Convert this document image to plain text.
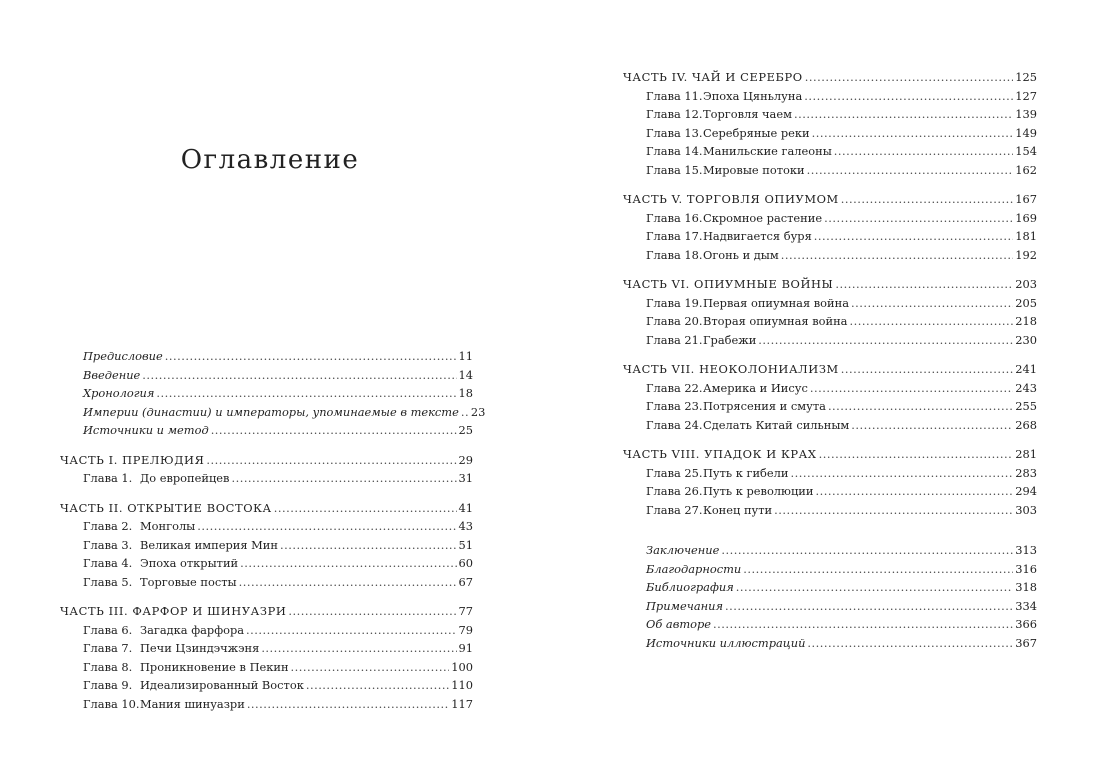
Оглавление
Предисловие .....	11
Введение .....	14
Хронология .....	18
Империи (династии) и императоры, упоминаемые в тексте ..... 23
Источники и метод .....	25
ЧАСТЬ I. ПРЕЛЮДИЯ .....	29
Глава 1. До европейцев .....	31
ЧАСТЬ II. ОТКРЫТИЕ ВОСТОКА .....	41
Глава 2. Монголы .....	43
Глава 3. Великая империя Мин .....	51
Глава 4. Эпоха открытий .....	60
Глава 5. Торговые посты .....	67
ЧАСТЬ III. ФАРФОР И ШИНУАЗРИ .....	77
Глава 6. Загадка фарфора .....	79
Глава 7. Печи Цзиндэчжэня .....	91
Глава 8. Проникновение в Пекин .....	100
Глава 9. Идеализированный Восток .....	110
Глава 10. Мания шинуазри .....	117
ЧАСТЬ IV. ЧАЙ И СЕРЕБРО .....	125
Глава 11. Эпоха Цяньлуна .....	127
Глава 12. Торговля чаем .....	139
Глава 13. Серебряные реки .....	149
Глава 14. Манильские галеоны .....	154
Глава 15. Мировые потоки .....	162
ЧАСТЬ V. ТОРГОВЛЯ ОПИУМОМ .....	167
Глава 16. Скромное растение .....	169
Глава 17. Надвигается буря .....	181
Глава 18. Огонь и дым .....	192
ЧАСТЬ VI. ОПИУМНЫЕ ВОЙНЫ .....	203
Глава 19. Первая опиумная война .....	205
Глава 20. Вторая опиумная война .....	218
Глава 21. Грабежи .....	230
ЧАСТЬ VII. НЕОКОЛОНИАЛИЗМ .....	241
Глава 22. Америка и Иисус .....	243
Глава 23. Потрясения и смута .....	255
Глава 24. Сделать Китай сильным .....	268
ЧАСТЬ VIII. УПАДОК И КРАХ .....	281
Глава 25. Путь к гибели .....	283
Глава 26. Путь к революции .....	294
Глава 27. Конец пути .....	303
Заключение .....	313
Благодарности .....	316
Библиография .....	318
Примечания .....	334
Об авторе .....	366
Источники иллюстраций .....	367
